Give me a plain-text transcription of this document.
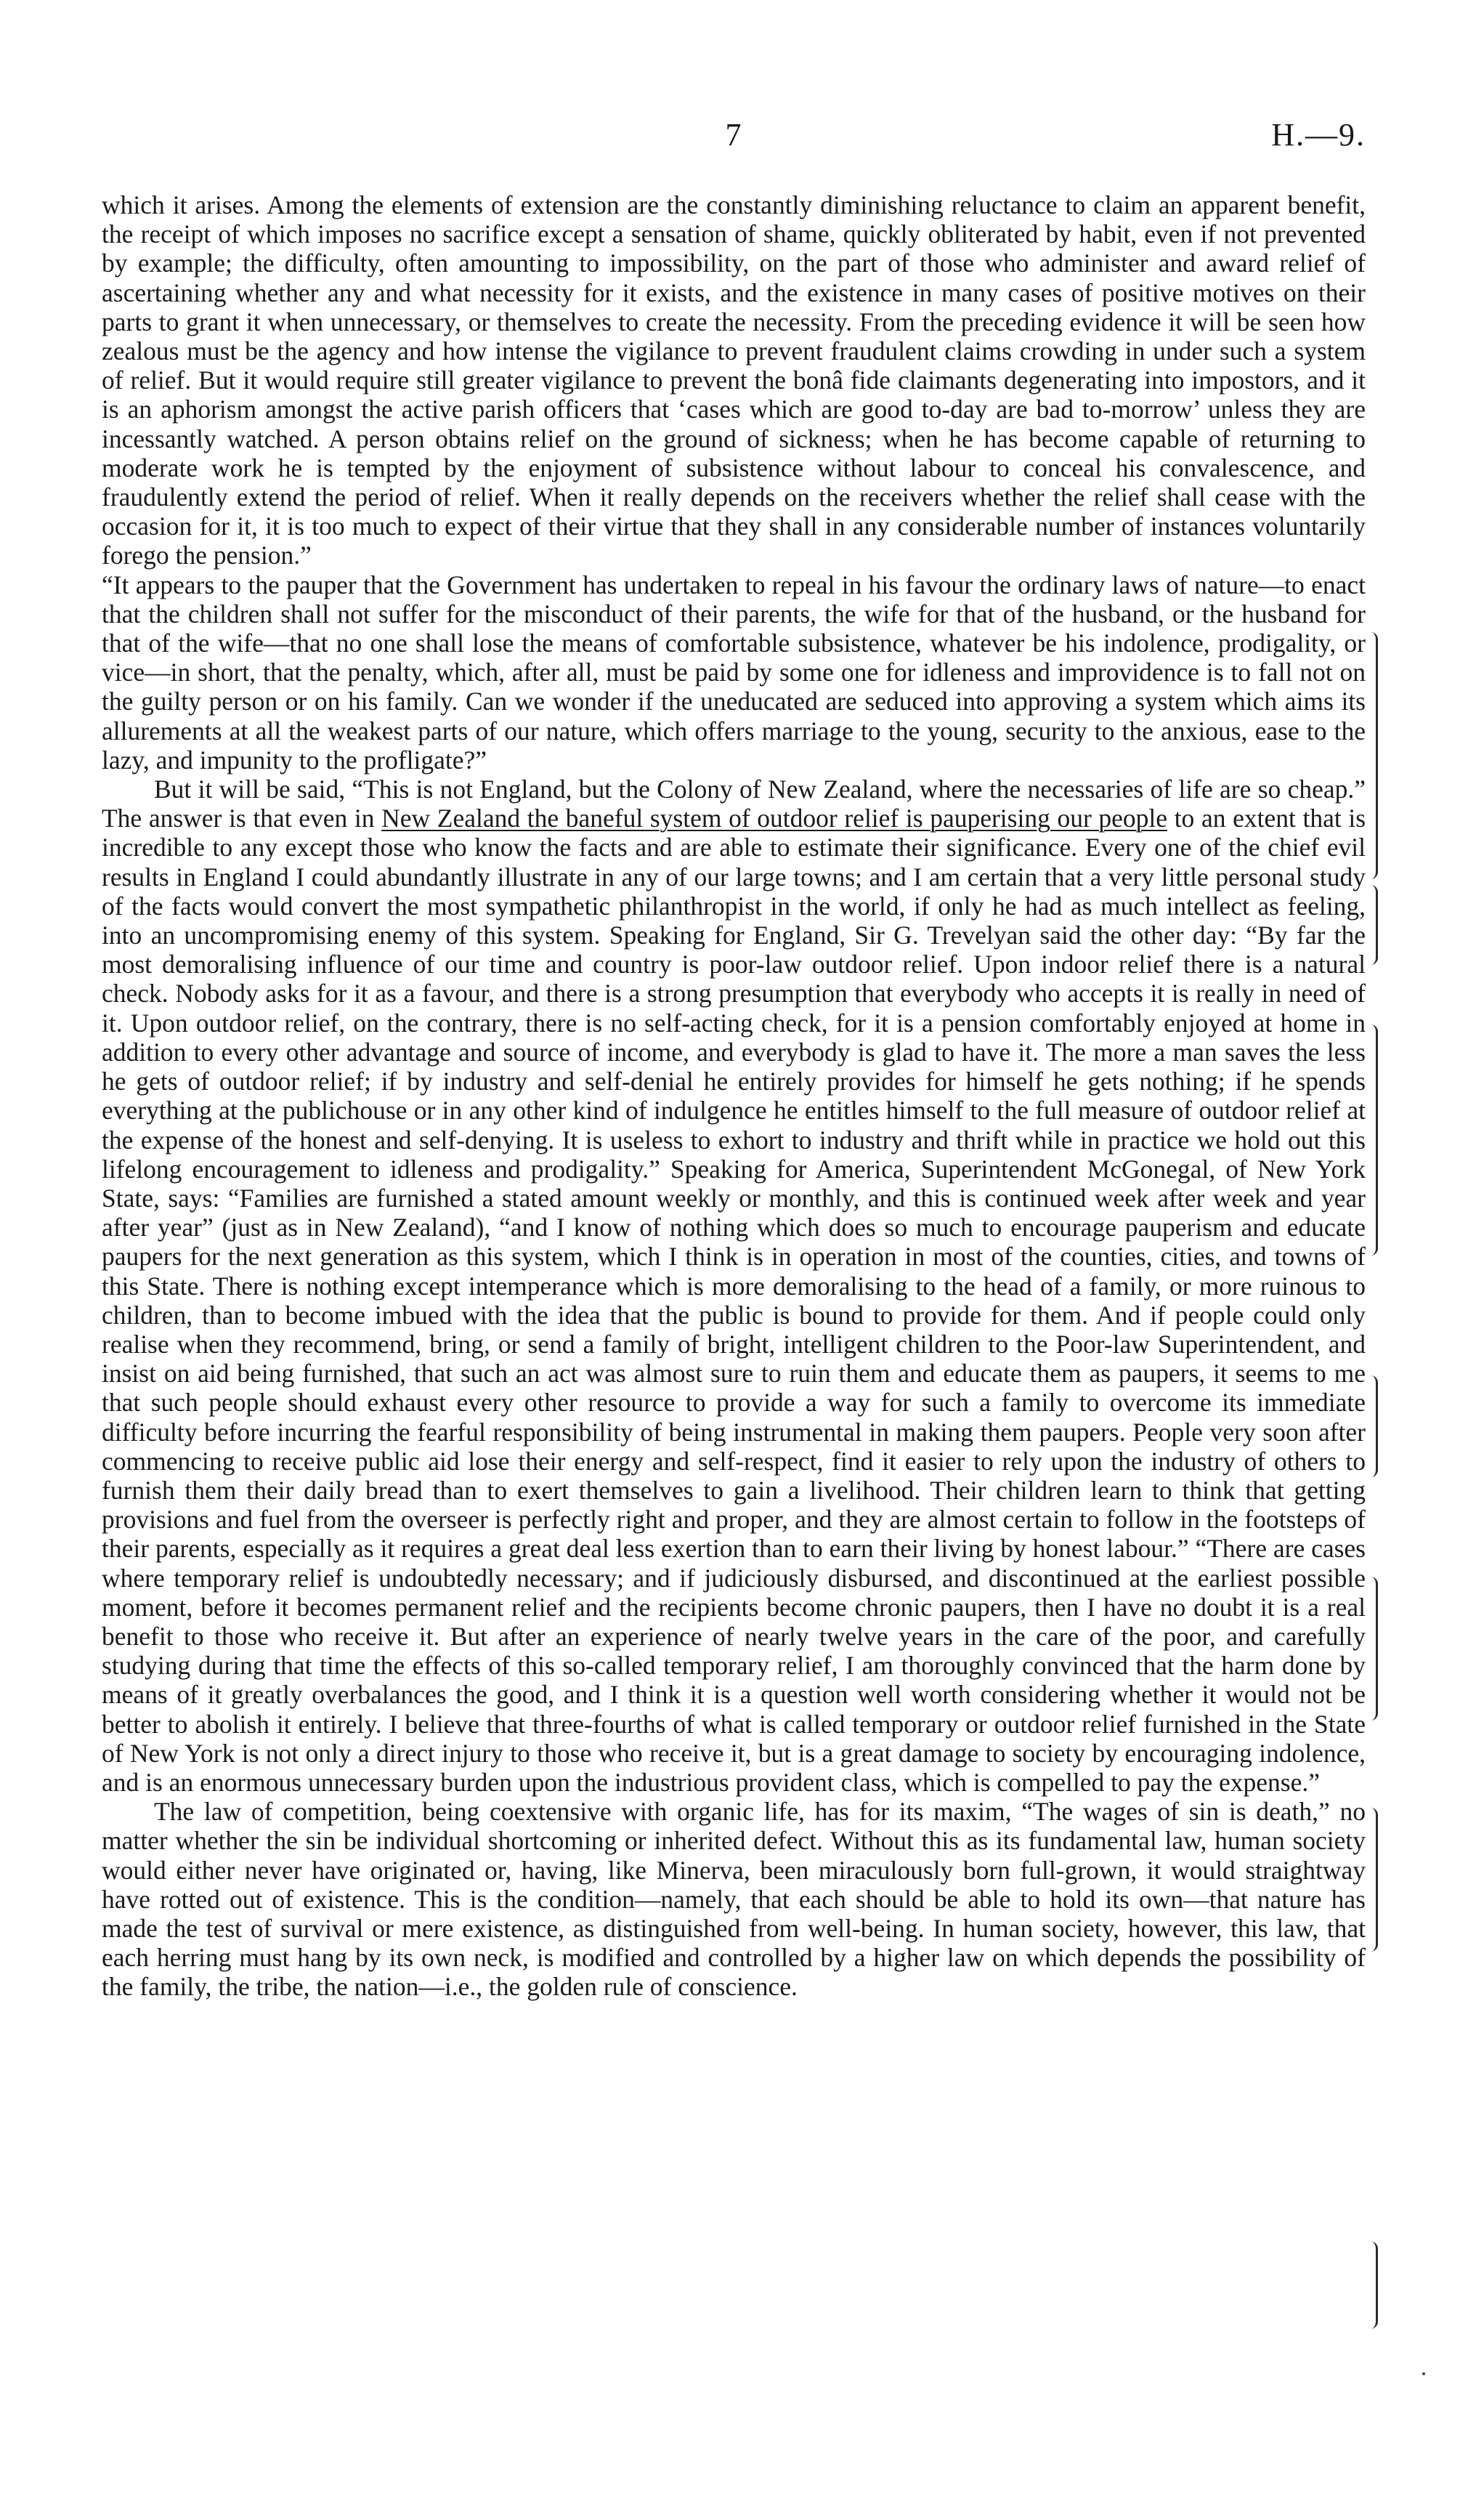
7	H.—9.

which it arises. Among the elements of extension are the constantly diminishing reluctance to claim an apparent benefit, the receipt of which imposes no sacrifice except a sensation of shame, quickly obliterated by habit, even if not prevented by example; the difficulty, often amounting to impossibility, on the part of those who administer and award relief of ascertaining whether any and what necessity for it exists, and the existence in many cases of positive motives on their parts to grant it when unnecessary, or themselves to create the necessity. From the preceding evidence it will be seen how zealous must be the agency and how intense the vigilance to prevent fraudulent claims crowding in under such a system of relief. But it would require still greater vigilance to prevent the bonâ fide claimants degenerating into impostors, and it is an aphorism amongst the active parish officers that ‘cases which are good to-day are bad to-morrow’ unless they are incessantly watched. A person obtains relief on the ground of sickness; when he has become capable of returning to moderate work he is tempted by the enjoyment of subsistence without labour to conceal his convalescence, and fraudulently extend the period of relief. When it really depends on the receivers whether the relief shall cease with the occasion for it, it is too much to expect of their virtue that they shall in any considerable number of instances voluntarily forego the pension.”

“It appears to the pauper that the Government has undertaken to repeal in his favour the ordinary laws of nature—to enact that the children shall not suffer for the misconduct of their parents, the wife for that of the husband, or the husband for that of the wife—that no one shall lose the means of comfortable subsistence, whatever be his indolence, prodigality, or vice—in short, that the penalty, which, after all, must be paid by some one for idleness and improvidence is to fall not on the guilty person or on his family. Can we wonder if the uneducated are seduced into approving a system which aims its allurements at all the weakest parts of our nature, which offers marriage to the young, security to the anxious, ease to the lazy, and impunity to the profligate?”

But it will be said, “This is not England, but the Colony of New Zealand, where the necessaries of life are so cheap.” The answer is that even in New Zealand the baneful system of outdoor relief is pauperising our people to an extent that is incredible to any except those who know the facts and are able to estimate their significance. Every one of the chief evil results in England I could abundantly illustrate in any of our large towns; and I am certain that a very little personal study of the facts would convert the most sympathetic philanthropist in the world, if only he had as much intellect as feeling, into an uncompromising enemy of this system. Speaking for England, Sir G. Trevelyan said the other day: “By far the most demoralising influence of our time and country is poor-law outdoor relief. Upon indoor relief there is a natural check. Nobody asks for it as a favour, and there is a strong presumption that everybody who accepts it is really in need of it. Upon outdoor relief, on the contrary, there is no self-acting check, for it is a pension comfortably enjoyed at home in addition to every other advantage and source of income, and everybody is glad to have it. The more a man saves the less he gets of outdoor relief; if by industry and self-denial he entirely provides for himself he gets nothing; if he spends everything at the publichouse or in any other kind of indulgence he entitles himself to the full measure of outdoor relief at the expense of the honest and self-denying. It is useless to exhort to industry and thrift while in practice we hold out this lifelong encouragement to idleness and prodigality.” Speaking for America, Superintendent McGonegal, of New York State, says: “Families are furnished a stated amount weekly or monthly, and this is continued week after week and year after year” (just as in New Zealand), “and I know of nothing which does so much to encourage pauperism and educate paupers for the next generation as this system, which I think is in operation in most of the counties, cities, and towns of this State. There is nothing except intemperance which is more demoralising to the head of a family, or more ruinous to children, than to become imbued with the idea that the public is bound to provide for them. And if people could only realise when they recommend, bring, or send a family of bright, intelligent children to the Poor-law Superintendent, and insist on aid being furnished, that such an act was almost sure to ruin them and educate them as paupers, it seems to me that such people should exhaust every other resource to provide a way for such a family to overcome its immediate difficulty before incurring the fearful responsibility of being instrumental in making them paupers. People very soon after commencing to receive public aid lose their energy and self-respect, find it easier to rely upon the industry of others to furnish them their daily bread than to exert themselves to gain a livelihood. Their children learn to think that getting provisions and fuel from the overseer is perfectly right and proper, and they are almost certain to follow in the footsteps of their parents, especially as it requires a great deal less exertion than to earn their living by honest labour.” “There are cases where temporary relief is undoubtedly necessary; and if judiciously disbursed, and discontinued at the earliest possible moment, before it becomes permanent relief and the recipients become chronic paupers, then I have no doubt it is a real benefit to those who receive it. But after an experience of nearly twelve years in the care of the poor, and carefully studying during that time the effects of this so-called temporary relief, I am thoroughly convinced that the harm done by means of it greatly overbalances the good, and I think it is a question well worth considering whether it would not be better to abolish it entirely. I believe that three-fourths of what is called temporary or outdoor relief furnished in the State of New York is not only a direct injury to those who receive it, but is a great damage to society by encouraging indolence, and is an enormous unnecessary burden upon the industrious provident class, which is compelled to pay the expense.”

The law of competition, being coextensive with organic life, has for its maxim, “The wages of sin is death,” no matter whether the sin be individual shortcoming or inherited defect. Without this as its fundamental law, human society would either never have originated or, having, like Minerva, been miraculously born full-grown, it would straightway have rotted out of existence. This is the condition—namely, that each should be able to hold its own—that nature has made the test of survival or mere existence, as distinguished from well-being. In human society, however, this law, that each herring must hang by its own neck, is modified and controlled by a higher law on which depends the possibility of the family, the tribe, the nation—i.e., the golden rule of conscience.
